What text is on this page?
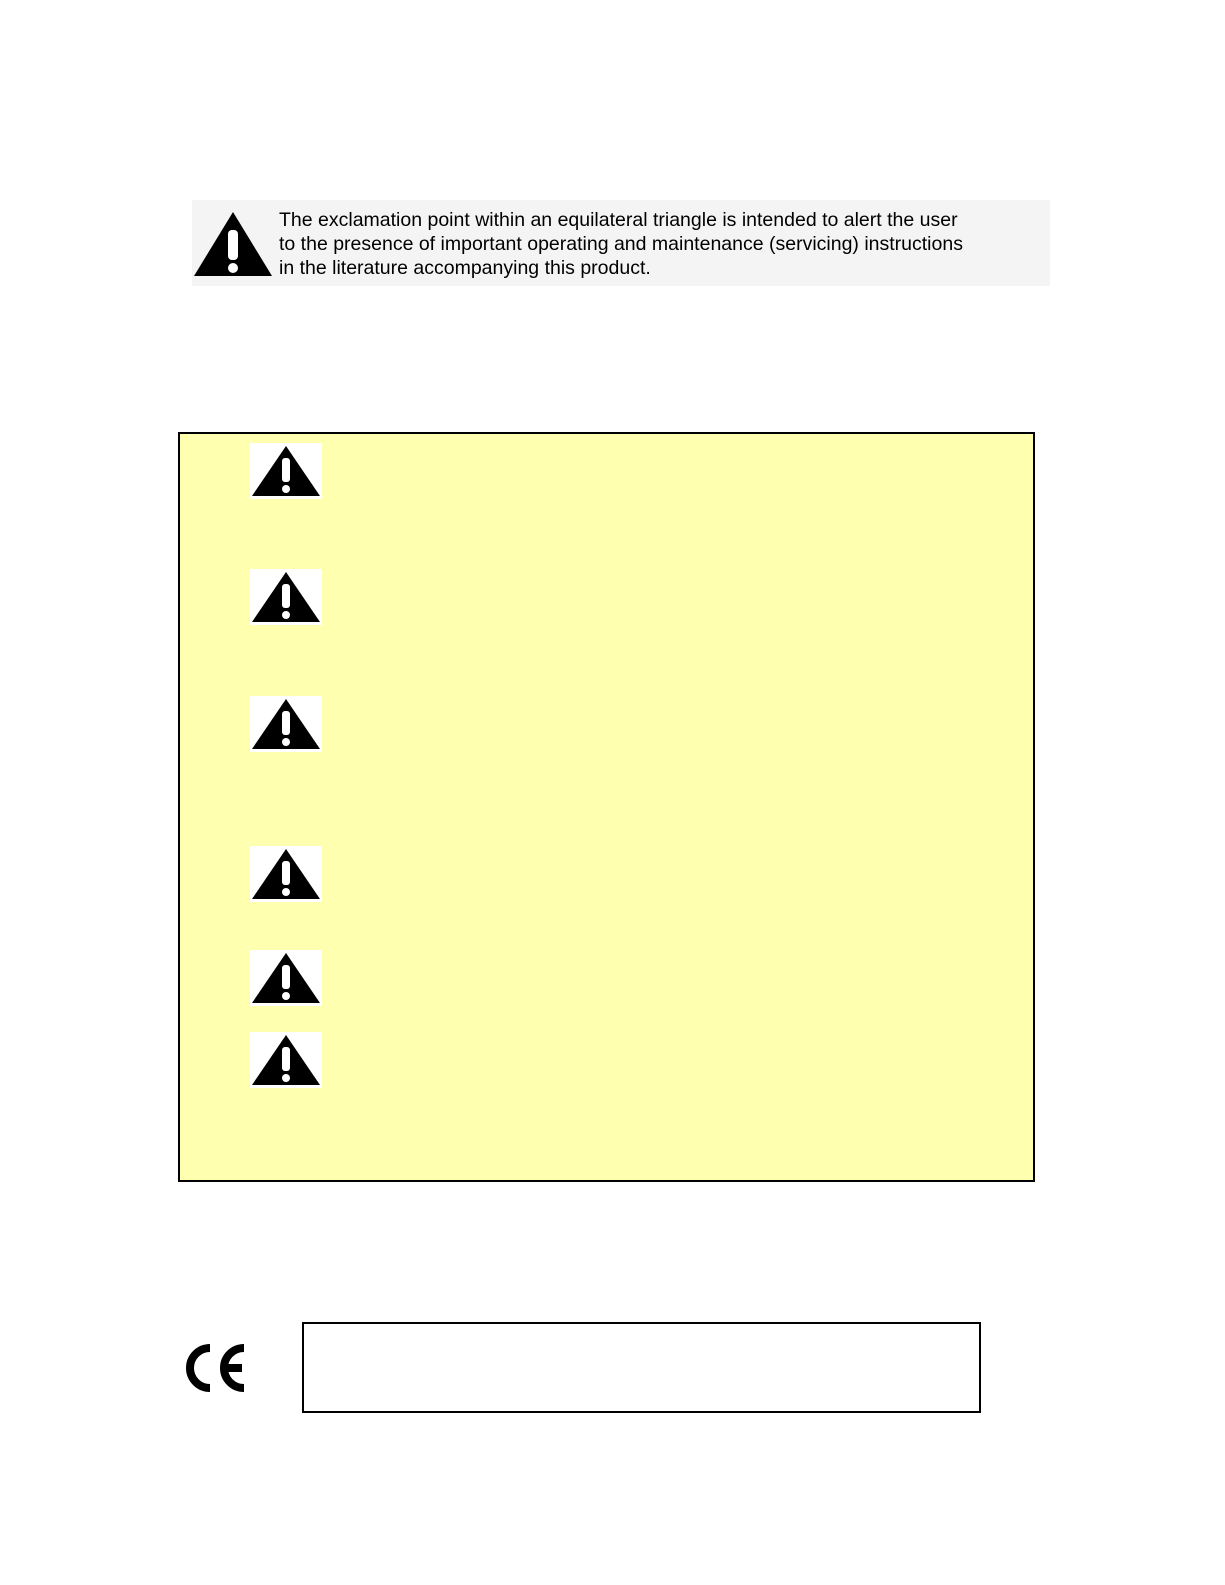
The exclamation point within an equilateral triangle is intended to alert the user
to the presence of important operating and maintenance (servicing) instructions
in the literature accompanying this product.
